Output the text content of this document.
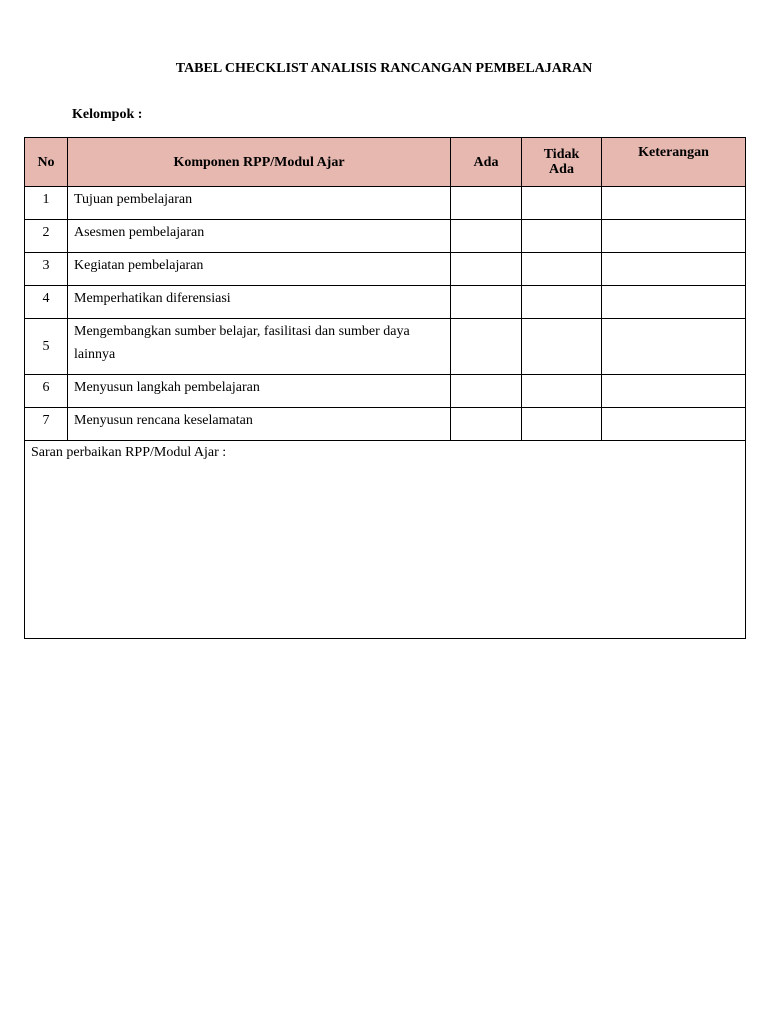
TABEL CHECKLIST ANALISIS RANCANGAN PEMBELAJARAN
Kelompok :
No	Komponen RPP/Modul Ajar	Ada	Tidak Ada	Keterangan
1	Tujuan pembelajaran			
2	Asesmen pembelajaran			
3	Kegiatan pembelajaran			
4	Memperhatikan diferensiasi			
5	Mengembangkan sumber belajar, fasilitasi dan sumber daya lainnya			
6	Menyusun langkah pembelajaran			
7	Menyusun rencana keselamatan			
Saran perbaikan RPP/Modul Ajar :				
